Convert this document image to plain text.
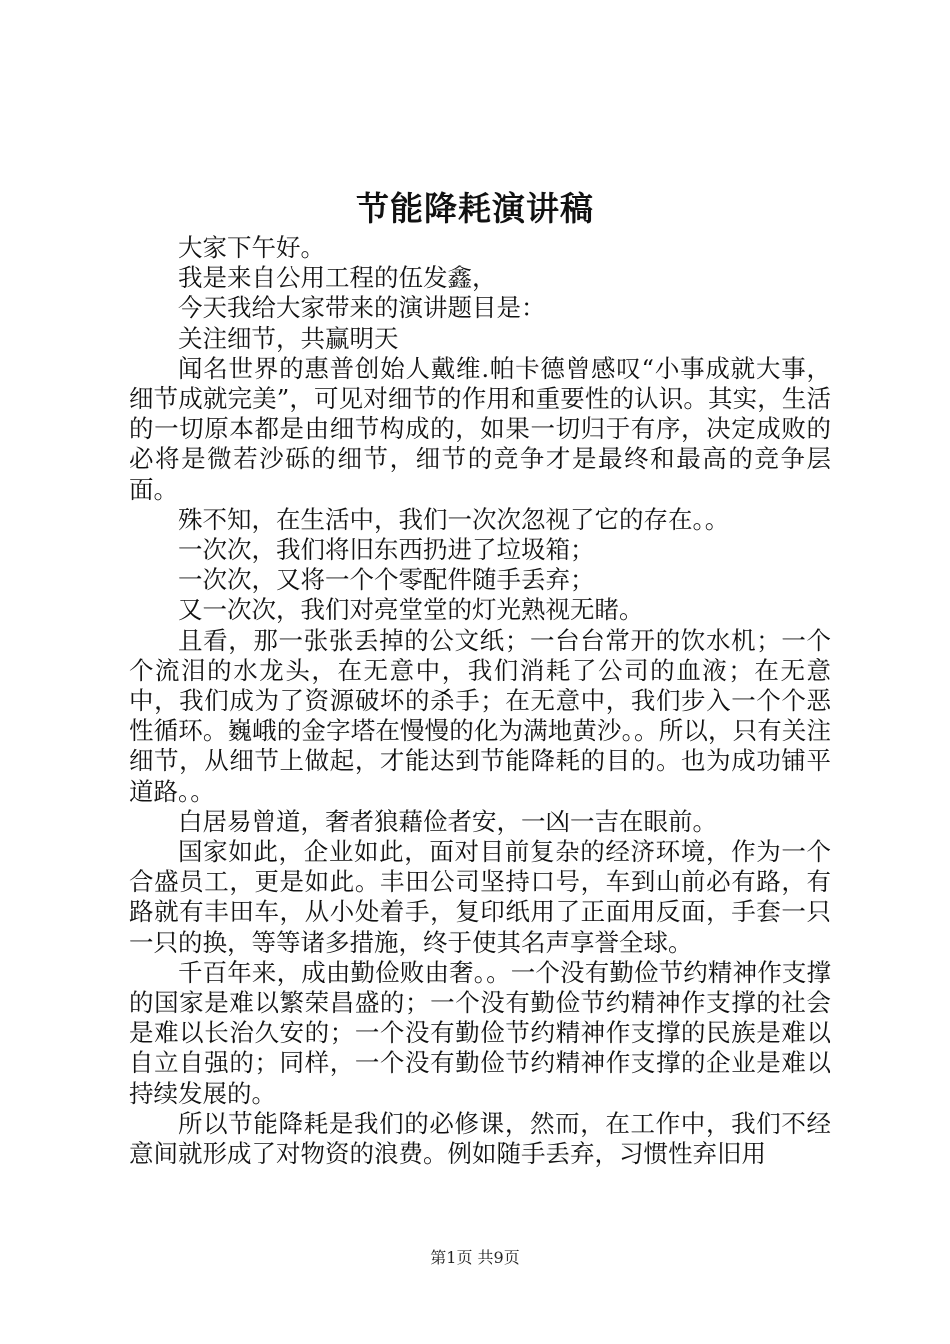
节能降耗演讲稿

大家下午好。

我是来自公用工程的伍发鑫，

今天我给大家带来的演讲题目是：

关注细节，共赢明天

闻名世界的惠普创始人戴维.帕卡德曾感叹“小事成就大事，细节成就完美”，可见对细节的作用和重要性的认识。其实，生活的一切原本都是由细节构成的，如果一切归于有序，决定成败的必将是微若沙砾的细节，细节的竞争才是最终和最高的竞争层面。

殊不知，在生活中，我们一次次忽视了它的存在。。

一次次，我们将旧东西扔进了垃圾箱；

一次次，又将一个个零配件随手丢弃；

又一次次，我们对亮堂堂的灯光熟视无睹。

且看，那一张张丢掉的公文纸；一台台常开的饮水机；一个个流泪的水龙头，在无意中，我们消耗了公司的血液；在无意中，我们成为了资源破坏的杀手；在无意中，我们步入一个个恶性循环。巍峨的金字塔在慢慢的化为满地黄沙。。所以，只有关注细节，从细节上做起，才能达到节能降耗的目的。也为成功铺平道路。。

白居易曾道，奢者狼藉俭者安，一凶一吉在眼前。

国家如此，企业如此，面对目前复杂的经济环境，作为一个合盛员工，更是如此。丰田公司坚持口号，车到山前必有路，有路就有丰田车，从小处着手，复印纸用了正面用反面，手套一只一只的换，等等诸多措施，终于使其名声享誉全球。

千百年来，成由勤俭败由奢。。一个没有勤俭节约精神作支撑的国家是难以繁荣昌盛的；一个没有勤俭节约精神作支撑的社会是难以长治久安的；一个没有勤俭节约精神作支撑的民族是难以自立自强的；同样，一个没有勤俭节约精神作支撑的企业是难以持续发展的。

所以节能降耗是我们的必修课，然而，在工作中，我们不经意间就形成了对物资的浪费。例如随手丢弃，习惯性弃旧用

第1页 共9页
